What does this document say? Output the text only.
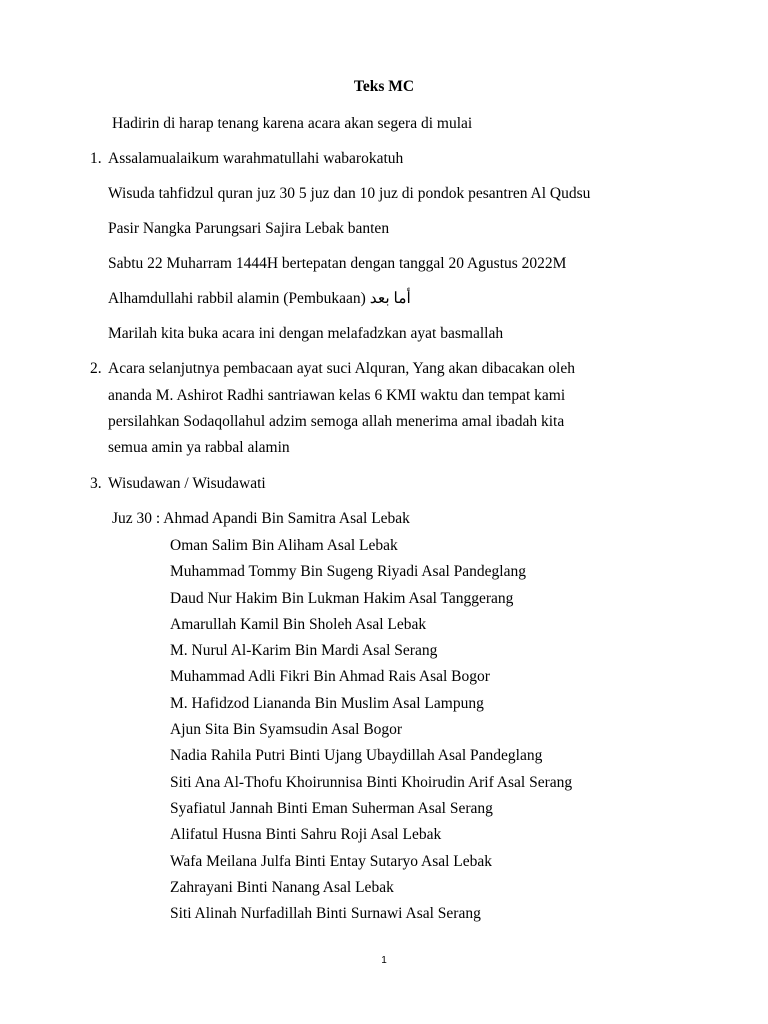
Teks MC
Hadirin di harap tenang karena acara akan segera di mulai
1. Assalamualaikum warahmatullahi wabarokatuh
Wisuda tahfidzul quran juz 30 5 juz dan 10 juz di pondok pesantren Al Qudsu
Pasir Nangka Parungsari Sajira Lebak banten
Sabtu 22 Muharram 1444H bertepatan dengan tanggal 20 Agustus 2022M
Alhamdullahi rabbil alamin (Pembukaan) أما بعد
Marilah kita buka acara ini dengan melafadzkan ayat basmallah
2. Acara selanjutnya pembacaan ayat suci Alquran, Yang akan dibacakan oleh
ananda M. Ashirot Radhi santriawan kelas 6 KMI waktu dan tempat kami
persilahkan Sodaqollahul adzim semoga allah menerima amal ibadah kita
semua amin ya rabbal alamin
3. Wisudawan / Wisudawati
Juz 30 : Ahmad Apandi Bin Samitra Asal Lebak
Oman Salim Bin Aliham Asal Lebak
Muhammad Tommy Bin Sugeng Riyadi Asal Pandeglang
Daud Nur Hakim Bin Lukman Hakim Asal Tanggerang
Amarullah Kamil Bin Sholeh Asal Lebak
M. Nurul Al-Karim Bin Mardi Asal Serang
Muhammad Adli Fikri Bin Ahmad Rais Asal Bogor
M. Hafidzod Liananda Bin Muslim Asal Lampung
Ajun Sita Bin Syamsudin Asal Bogor
Nadia Rahila Putri Binti Ujang Ubaydillah Asal Pandeglang
Siti Ana Al-Thofu Khoirunnisa Binti Khoirudin Arif Asal Serang
Syafiatul Jannah Binti Eman Suherman Asal Serang
Alifatul Husna Binti Sahru Roji Asal Lebak
Wafa Meilana Julfa Binti Entay Sutaryo Asal Lebak
Zahrayani Binti Nanang Asal Lebak
Siti Alinah Nurfadillah Binti Surnawi Asal Serang
1
